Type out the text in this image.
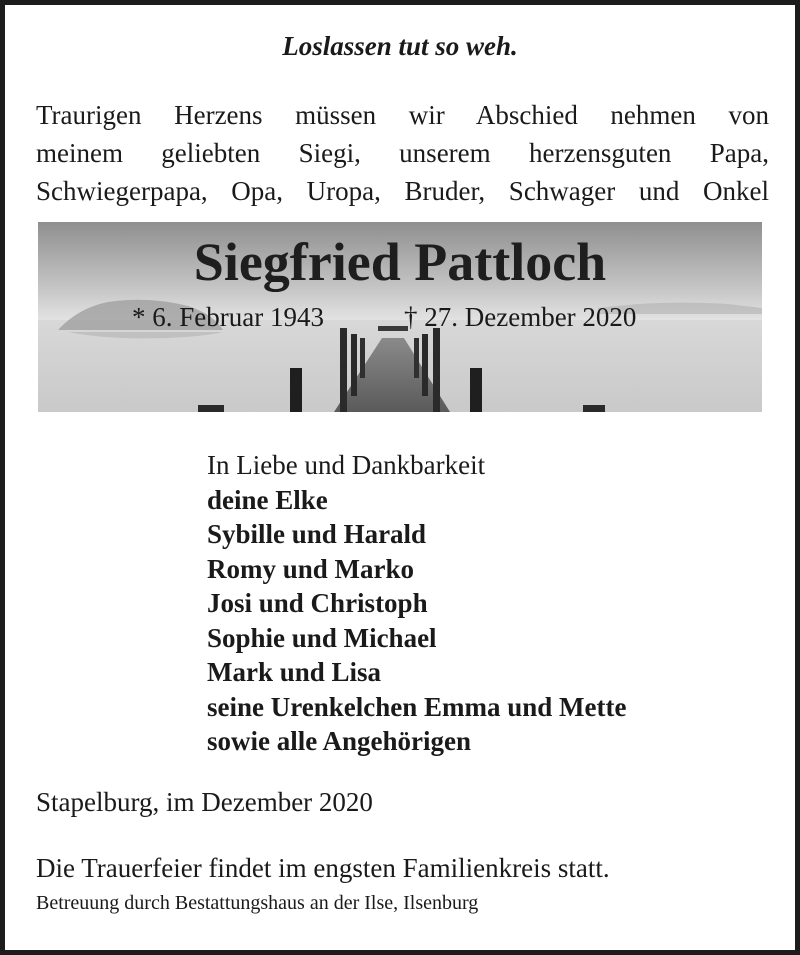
Loslassen tut so weh.
Traurigen Herzens müssen wir Abschied nehmen von
meinem geliebten Siegi, unserem herzensguten Papa,
Schwiegerpapa, Opa, Uropa, Bruder, Schwager und Onkel
Siegfried Pattloch
* 6. Februar 1943	† 27. Dezember 2020
In Liebe und Dankbarkeit
deine Elke
Sybille und Harald
Romy und Marko
Josi und Christoph
Sophie und Michael
Mark und Lisa
seine Urenkelchen Emma und Mette
sowie alle Angehörigen
Stapelburg, im Dezember 2020
Die Trauerfeier findet im engsten Familienkreis statt.
Betreuung durch Bestattungshaus an der Ilse, Ilsenburg
